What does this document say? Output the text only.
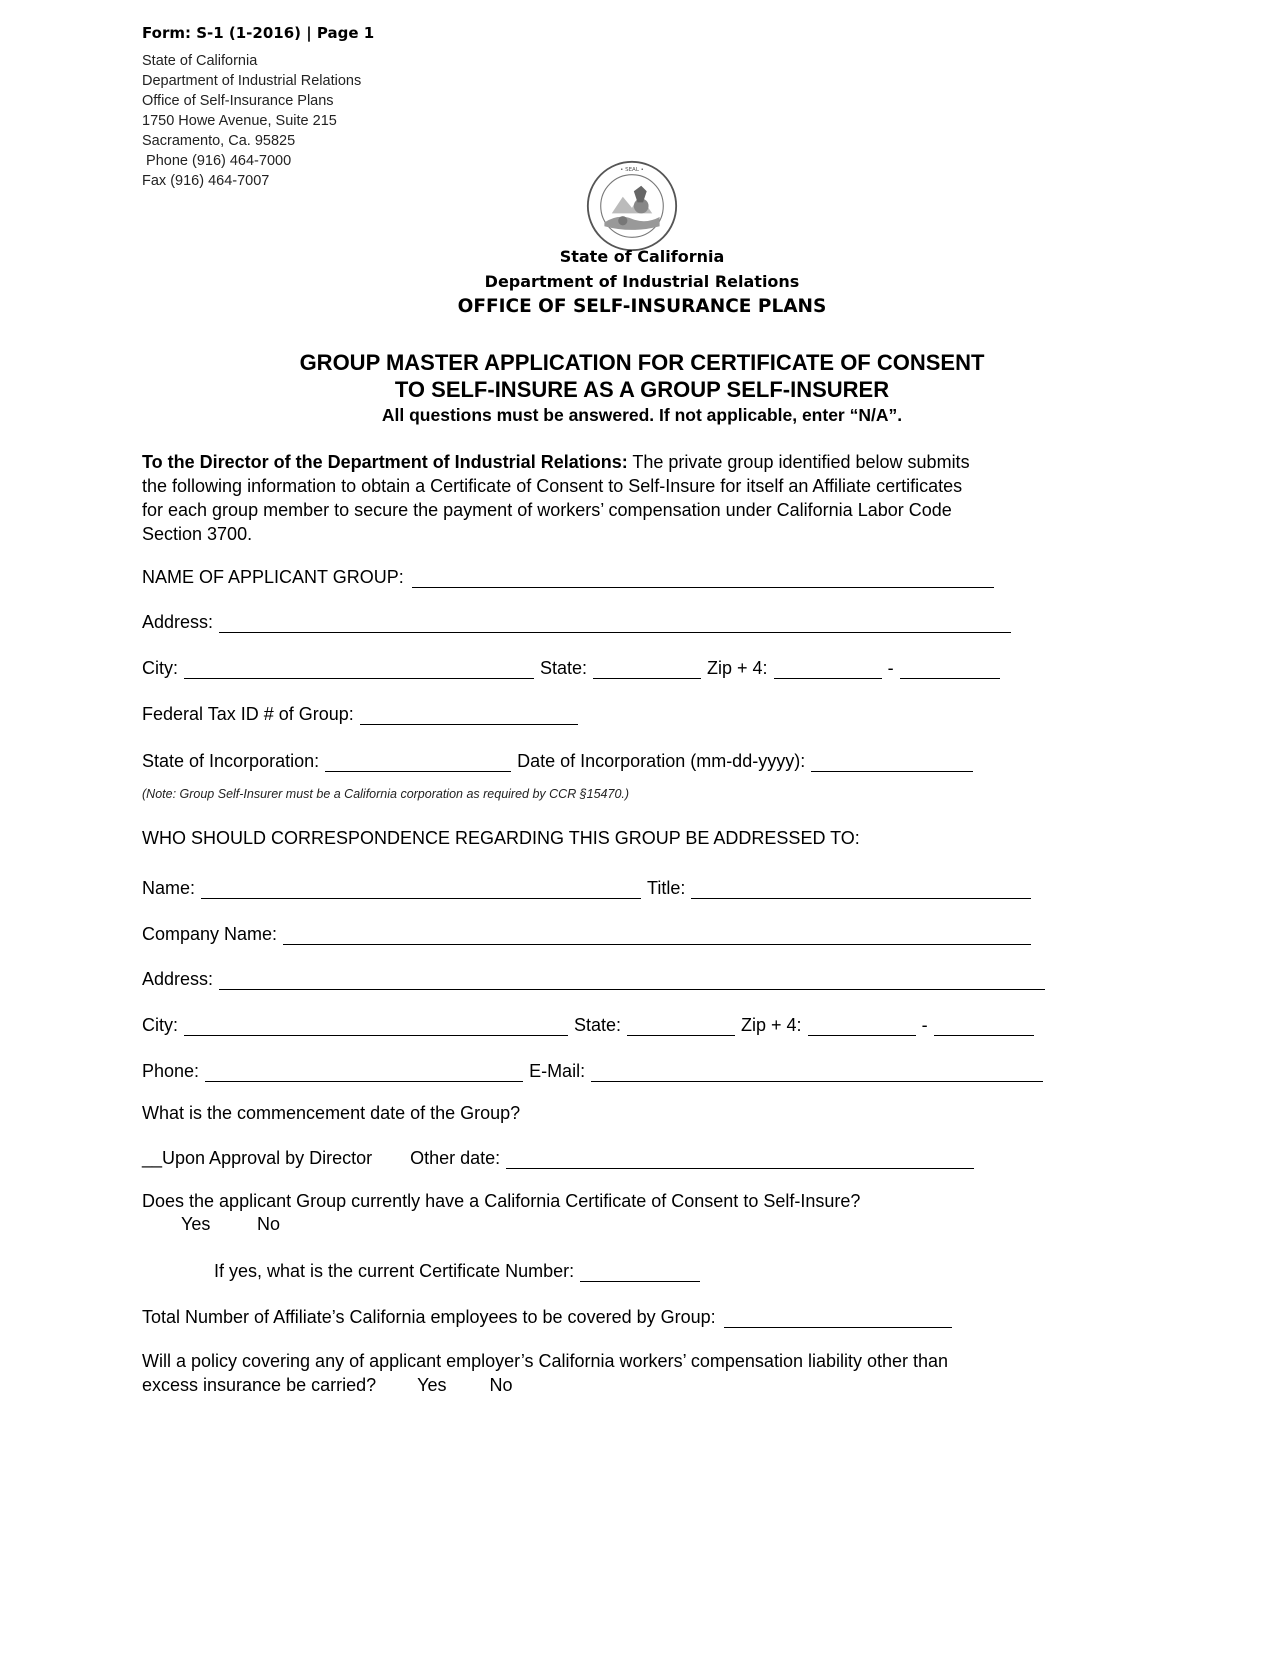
Form: S-1 (1-2016) | Page 1
State of California
Department of Industrial Relations
Office of Self-Insurance Plans
1750 Howe Avenue, Suite 215
Sacramento, Ca. 95825
Phone (916) 464-7000
Fax (916) 464-7007
• SEAL •
State of California
Department of Industrial Relations
OFFICE OF SELF-INSURANCE PLANS
GROUP MASTER APPLICATION FOR CERTIFICATE OF CONSENT
TO SELF-INSURE AS A GROUP SELF-INSURER
All questions must be answered. If not applicable, enter “N/A”.
To the Director of the Department of Industrial Relations: The private group identified below submits
the following information to obtain a Certificate of Consent to Self-Insure for itself an Affiliate certificates
for each group member to secure the payment of workers’ compensation under California Labor Code
Section 3700.
NAME OF APPLICANT GROUP:
Address:
City:	State:	Zip + 4:	-
Federal Tax ID # of Group:
State of Incorporation:	Date of Incorporation (mm-dd-yyyy):
(Note: Group Self-Insurer must be a California corporation as required by CCR §15470.)
WHO SHOULD CORRESPONDENCE REGARDING THIS GROUP BE ADDRESSED TO:
Name:	Title:
Company Name:
Address:
City:	State:	Zip + 4:	-
Phone:	E-Mail:
What is the commencement date of the Group?
__Upon Approval by Director Other date:
Does the applicant Group currently have a California Certificate of Consent to Self-Insure?
Yes	No
If yes, what is the current Certificate Number:
Total Number of Affiliate’s California employees to be covered by Group:
Will a policy covering any of applicant employer’s California workers’ compensation liability other than
excess insurance be carried? Yes No
